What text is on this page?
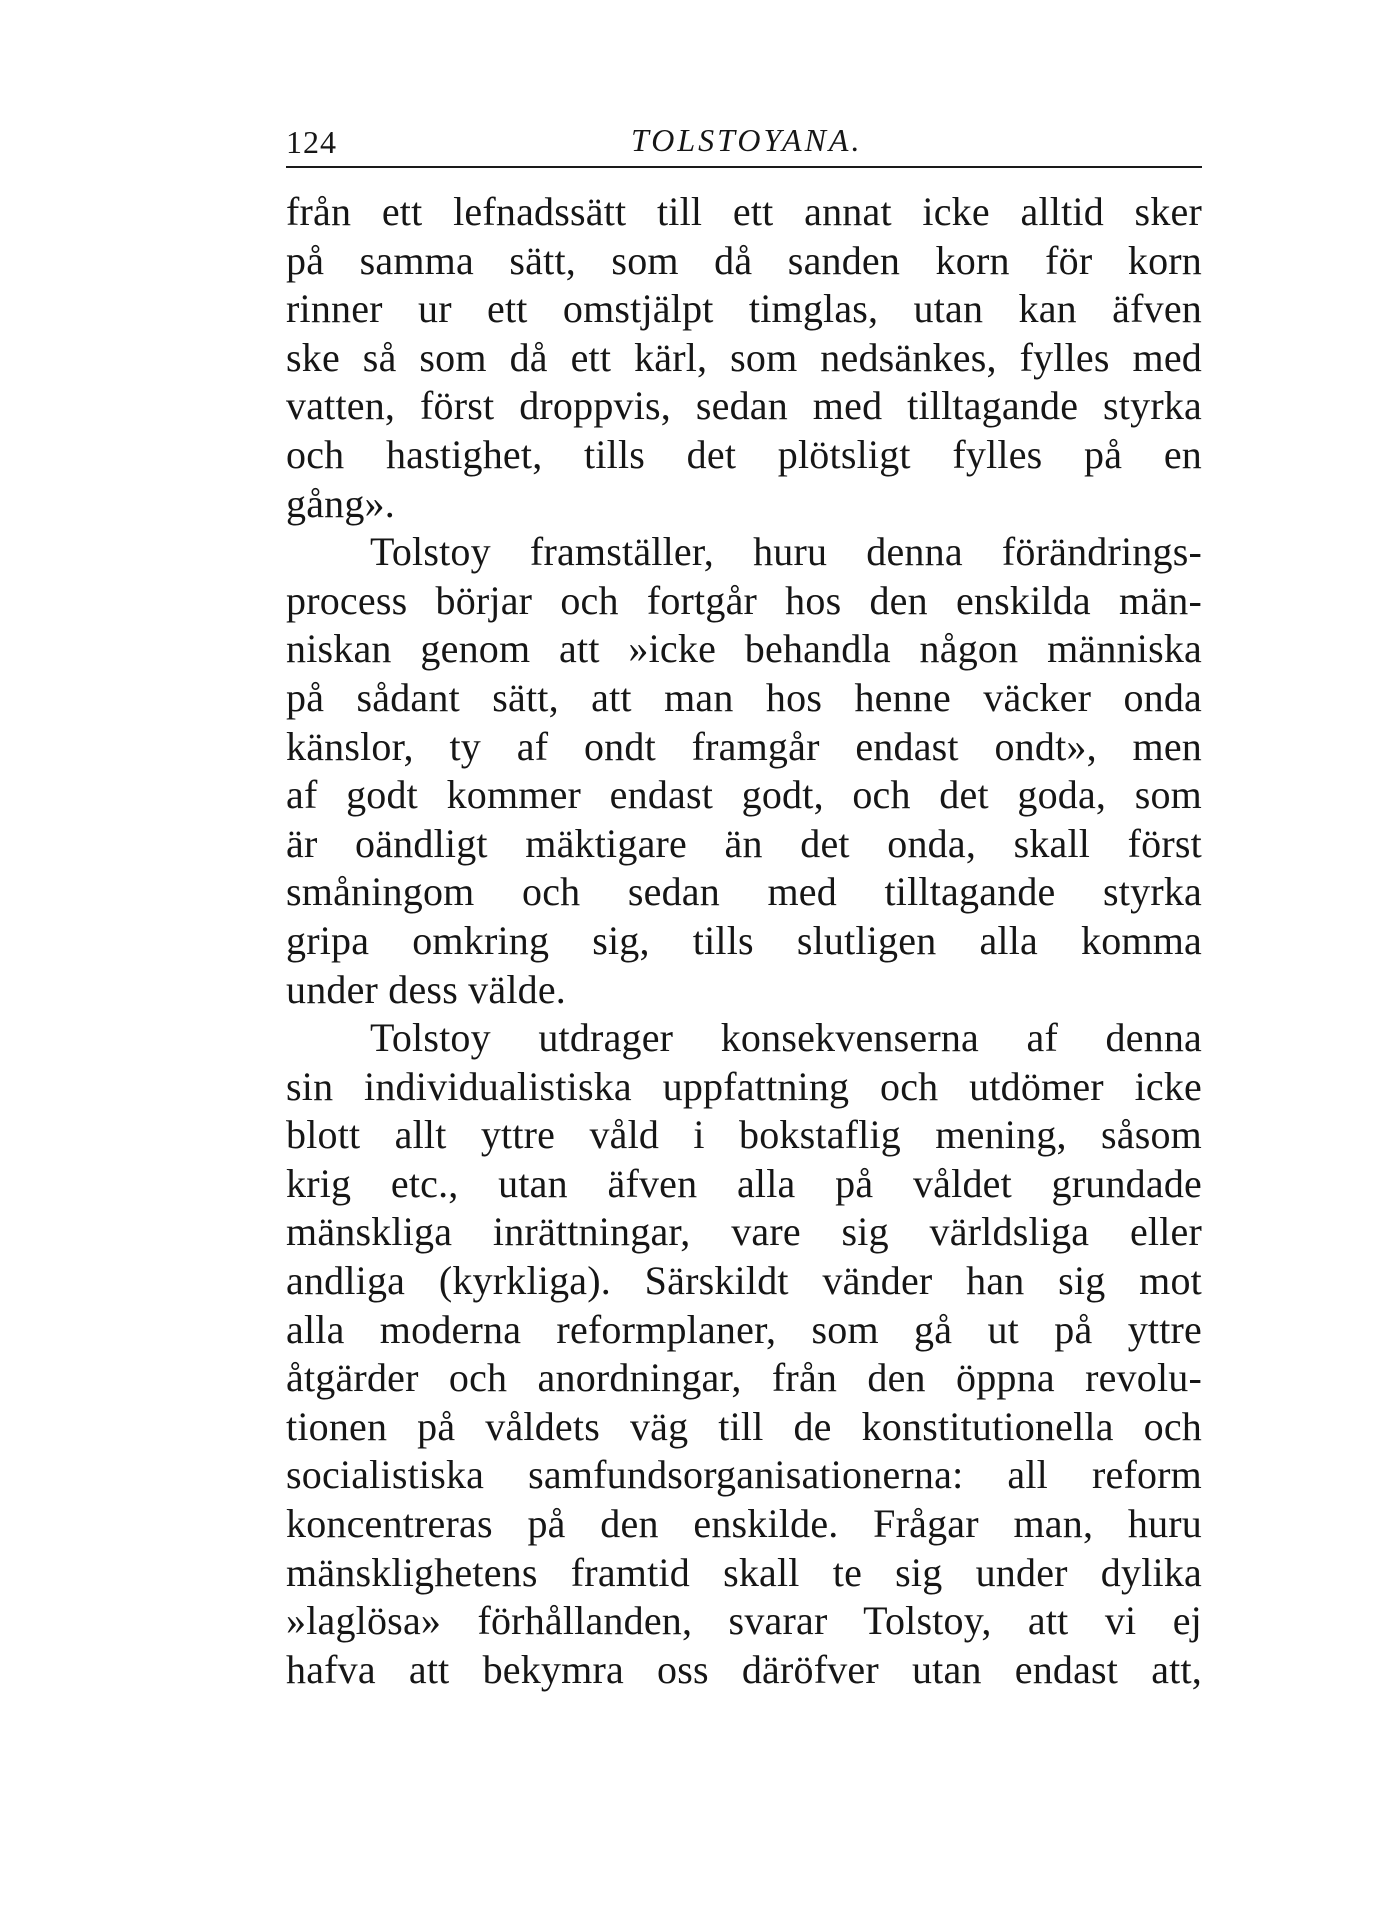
124	TOLSTOYANA.
från ett lefnadssätt till ett annat icke alltid sker
på samma sätt, som då sanden korn för korn
rinner ur ett omstjälpt timglas, utan kan äfven
ske så som då ett kärl, som nedsänkes, fylles med
vatten, först droppvis, sedan med tilltagande styrka
och hastighet, tills det plötsligt fylles på en
gång».
Tolstoy framställer, huru denna förändrings-
process börjar och fortgår hos den enskilda män-
niskan genom att »icke behandla någon människa
på sådant sätt, att man hos henne väcker onda
känslor, ty af ondt framgår endast ondt», men
af godt kommer endast godt, och det goda, som
är oändligt mäktigare än det onda, skall först
småningom och sedan med tilltagande styrka
gripa omkring sig, tills slutligen alla komma
under dess välde.
Tolstoy utdrager konsekvenserna af denna
sin individualistiska uppfattning och utdömer icke
blott allt yttre våld i bokstaflig mening, såsom
krig etc., utan äfven alla på våldet grundade
mänskliga inrättningar, vare sig världsliga eller
andliga (kyrkliga). Särskildt vänder han sig mot
alla moderna reformplaner, som gå ut på yttre
åtgärder och anordningar, från den öppna revolu-
tionen på våldets väg till de konstitutionella och
socialistiska samfundsorganisationerna: all reform
koncentreras på den enskilde. Frågar man, huru
mänsklighetens framtid skall te sig under dylika
»laglösa» förhållanden, svarar Tolstoy, att vi ej
hafva att bekymra oss däröfver utan endast att,
